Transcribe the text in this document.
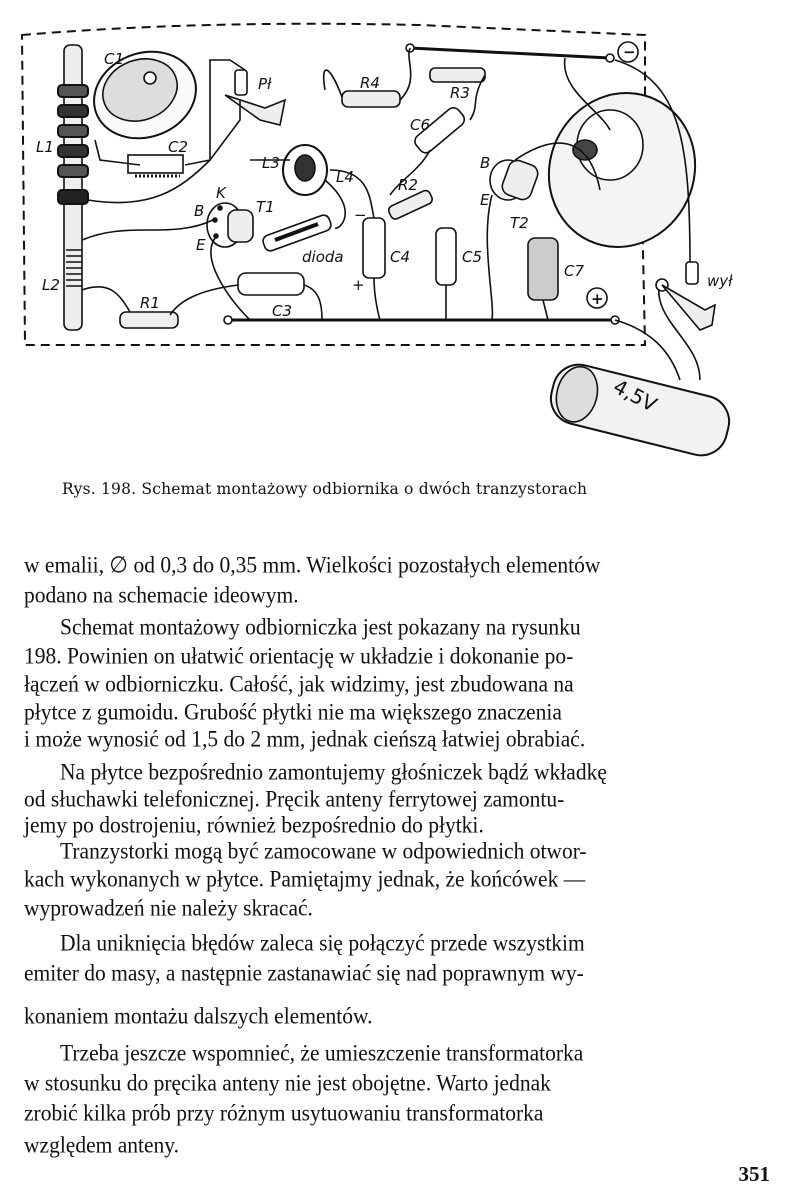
C1
Pł
C2
L1
L2
R1	C3
L3
L4
K
B
E
T1
dioda	C4
+
−
R2
C5
C6
R3
R4
B
E
T2
C7
−
+
wył
4,5V
Rys. 198. Schemat montażowy odbiornika o dwóch tranzystorach
w emalii, ∅ od 0,3 do 0,35 mm. Wielkości pozostałych elementów
podano na schemacie ideowym.
Schemat montażowy odbiorniczka jest pokazany na rysunku
198. Powinien on ułatwić orientację w układzie i dokonanie po-
łączeń w odbiorniczku. Całość, jak widzimy, jest zbudowana na
płytce z gumoidu. Grubość płytki nie ma większego znaczenia
i może wynosić od 1,5 do 2 mm, jednak cieńszą łatwiej obrabiać.
Na płytce bezpośrednio zamontujemy głośniczek bądź wkładkę
od słuchawki telefonicznej. Pręcik anteny ferrytowej zamontu-
jemy po dostrojeniu, również bezpośrednio do płytki.
Tranzystorki mogą być zamocowane w odpowiednich otwor-
kach wykonanych w płytce. Pamiętajmy jednak, że końcówek —
wyprowadzeń nie należy skracać.
Dla uniknięcia błędów zaleca się połączyć przede wszystkim
emiter do masy, a następnie zastanawiać się nad poprawnym wy-
konaniem montażu dalszych elementów.
Trzeba jeszcze wspomnieć, że umieszczenie transformatorka
w stosunku do pręcika anteny nie jest obojętne. Warto jednak
zrobić kilka prób przy różnym usytuowaniu transformatorka
względem anteny.
351
